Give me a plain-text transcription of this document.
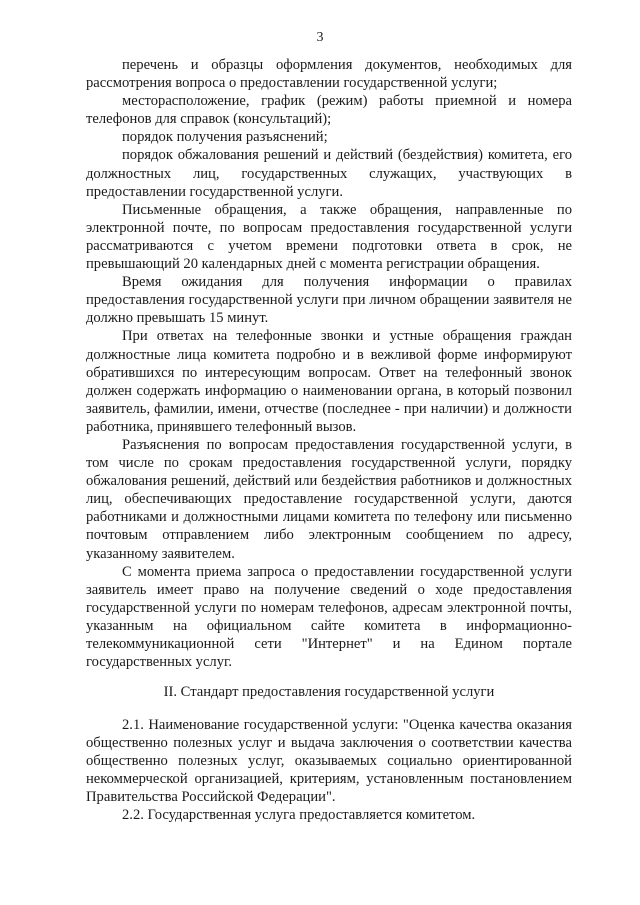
3

перечень и образцы оформления документов, необходимых для рассмотрения вопроса о предоставлении государственной услуги;

месторасположение, график (режим) работы приемной и номера телефонов для справок (консультаций);

порядок получения разъяснений;

порядок обжалования решений и действий (бездействия) комитета, его должностных лиц, государственных служащих, участвующих в предоставлении государственной услуги.

Письменные обращения, а также обращения, направленные по электронной почте, по вопросам предоставления государственной услуги рассматриваются с учетом времени подготовки ответа в срок, не превышающий 20 календарных дней с момента регистрации обращения.

Время ожидания для получения информации о правилах предоставления государственной услуги при личном обращении заявителя не должно превышать 15 минут.

При ответах на телефонные звонки и устные обращения граждан должностные лица комитета подробно и в вежливой форме информируют обратившихся по интересующим вопросам. Ответ на телефонный звонок должен содержать информацию о наименовании органа, в который позвонил заявитель, фамилии, имени, отчестве (последнее - при наличии) и должности работника, принявшего телефонный вызов.

Разъяснения по вопросам предоставления государственной услуги, в том числе по срокам предоставления государственной услуги, порядку обжалования решений, действий или бездействия работников и должностных лиц, обеспечивающих предоставление государственной услуги, даются работниками и должностными лицами комитета по телефону или письменно почтовым отправлением либо электронным сообщением по адресу, указанному заявителем.

С момента приема запроса о предоставлении государственной услуги заявитель имеет право на получение сведений о ходе предоставления государственной услуги по номерам телефонов, адресам электронной почты, указанным на официальном сайте комитета в информационно-телекоммуникационной сети "Интернет" и на Едином портале государственных услуг.

II. Стандарт предоставления государственной услуги

2.1. Наименование государственной услуги: "Оценка качества оказания общественно полезных услуг и выдача заключения о соответствии качества общественно полезных услуг, оказываемых социально ориентированной некоммерческой организацией, критериям, установленным постановлением Правительства Российской Федерации".

2.2. Государственная услуга предоставляется комитетом.
